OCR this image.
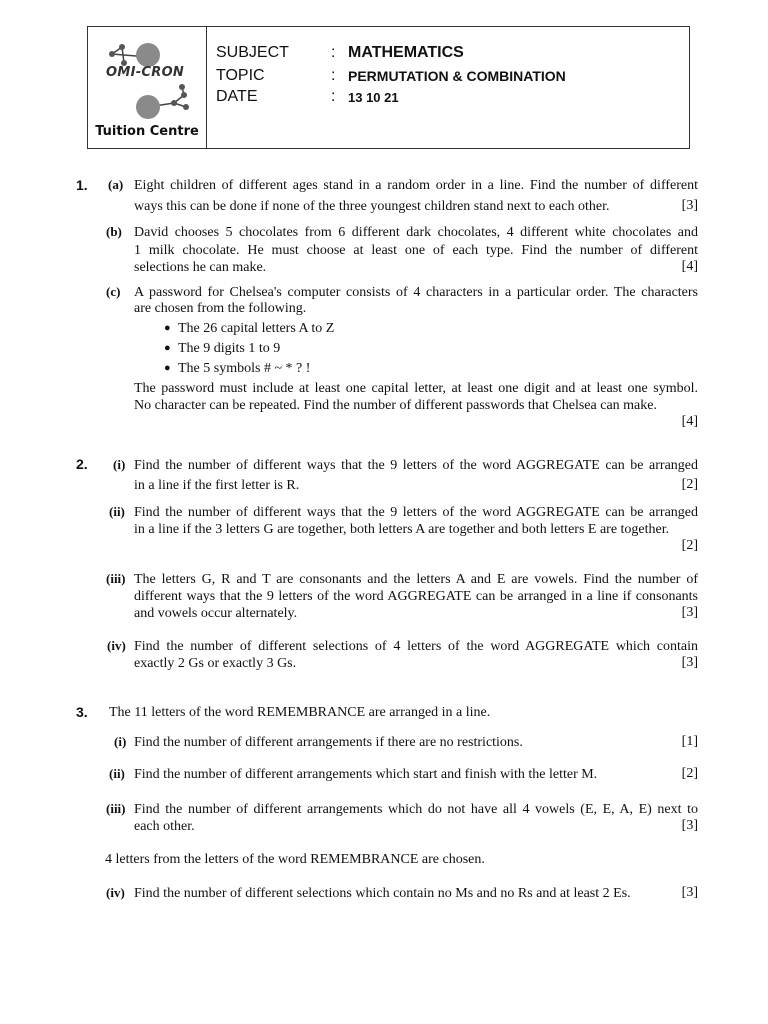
OMI-CRON
Tuition Centre
SUBJECT	: MATHEMATICS
TOPIC	: PERMUTATION & COMBINATION
DATE	: 13 10 21
1. (a) Eight children of different ages stand in a random order in a line. Find the number of different
ways this can be done if none of the three youngest children stand next to each other.	[3]
(b) David chooses 5 chocolates from 6 different dark chocolates, 4 different white chocolates and
1 milk chocolate. He must choose at least one of each type. Find the number of different
selections he can make.	[4]
(c) A password for Chelsea's computer consists of 4 characters in a particular order. The characters
are chosen from the following.
● The 26 capital letters A to Z
● The 9 digits 1 to 9
● The 5 symbols # ~ * ? !
The password must include at least one capital letter, at least one digit and at least one symbol.
No character can be repeated. Find the number of different passwords that Chelsea can make.
[4]
2. (i) Find the number of different ways that the 9 letters of the word AGGREGATE can be arranged
in a line if the first letter is R.	[2]
(ii) Find the number of different ways that the 9 letters of the word AGGREGATE can be arranged
in a line if the 3 letters G are together, both letters A are together and both letters E are together.
[2]
(iii) The letters G, R and T are consonants and the letters A and E are vowels. Find the number of
different ways that the 9 letters of the word AGGREGATE can be arranged in a line if consonants
and vowels occur alternately.	[3]
(iv) Find the number of different selections of 4 letters of the word AGGREGATE which contain
exactly 2 Gs or exactly 3 Gs.	[3]
3. The 11 letters of the word REMEMBRANCE are arranged in a line.
(i) Find the number of different arrangements if there are no restrictions.	[1]
(ii) Find the number of different arrangements which start and finish with the letter M.	[2]
(iii) Find the number of different arrangements which do not have all 4 vowels (E, E, A, E) next to
each other.	[3]
4 letters from the letters of the word REMEMBRANCE are chosen.
(iv) Find the number of different selections which contain no Ms and no Rs and at least 2 Es.	[3]
